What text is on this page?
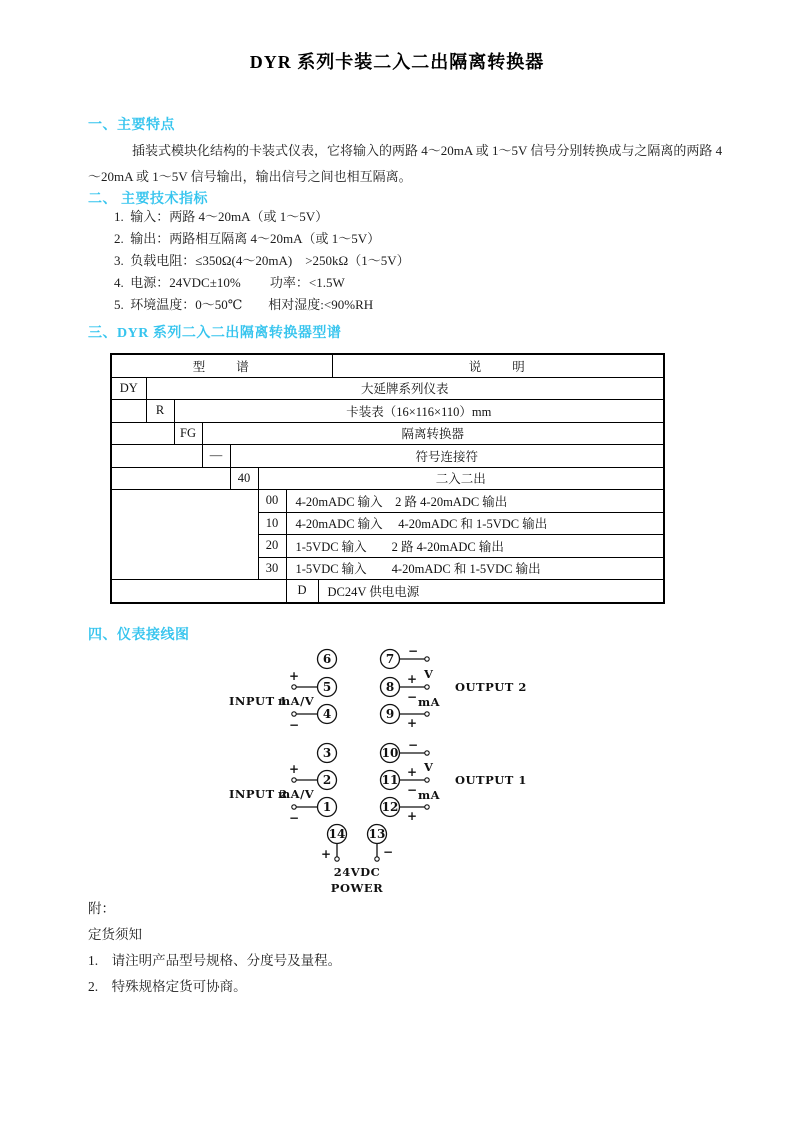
DYR 系列卡装二入二出隔离转换器
一、主要特点

插装式模块化结构的卡装式仪表，它将输入的两路 4～20mA 或 1～5V 信号分别转换成与之隔离的两路 4～20mA 或 1～5V 信号输出，输出信号之间也相互隔离。

二、 主要技术指标
1.  输入：两路 4～20mA（或 1～5V）
2.  输出：两路相互隔离 4～20mA（或 1～5V）
3.  负载电阻：≤350Ω(4～20mA)    >250kΩ（1～5V）
4.  电源：24VDC±10%         功率：<1.5W
5.  环境温度：0～50℃        相对湿度:<90%RH
三、DYR 系列二入二出隔离转换器型谱
型　　谱								说　　明
DY	大延牌系列仪表							
	R	卡装表（16×116×110）mm						
		FG	隔离转换器					
			—	符号连接符				
				40	二入二出			
					00	4-20mADC 输入　2 路 4-20mADC 输出		
					10	4-20mADC 输入　 4-20mADC 和 1-5VDC 输出		
					20	1-5VDC 输入　　2 路 4-20mADC 输出		
					30	1-5VDC 输入　　4-20mADC 和 1-5VDC 输出		
						D	DC24V 供电电源	
四、仪表接线图
6
5
4
7
8
9
+
−
−
+
−
V
+
mA
INPUT 1
mA/V
OUTPUT 2
3
2
1
10
11
12
+
−
−
+
−
V
+
mA
INPUT 2
mA/V
OUTPUT 1
14 13
+	−
24VDC
POWER
附：
定货须知
1.    请注明产品型号规格、分度号及量程。
2.    特殊规格定货可协商。
